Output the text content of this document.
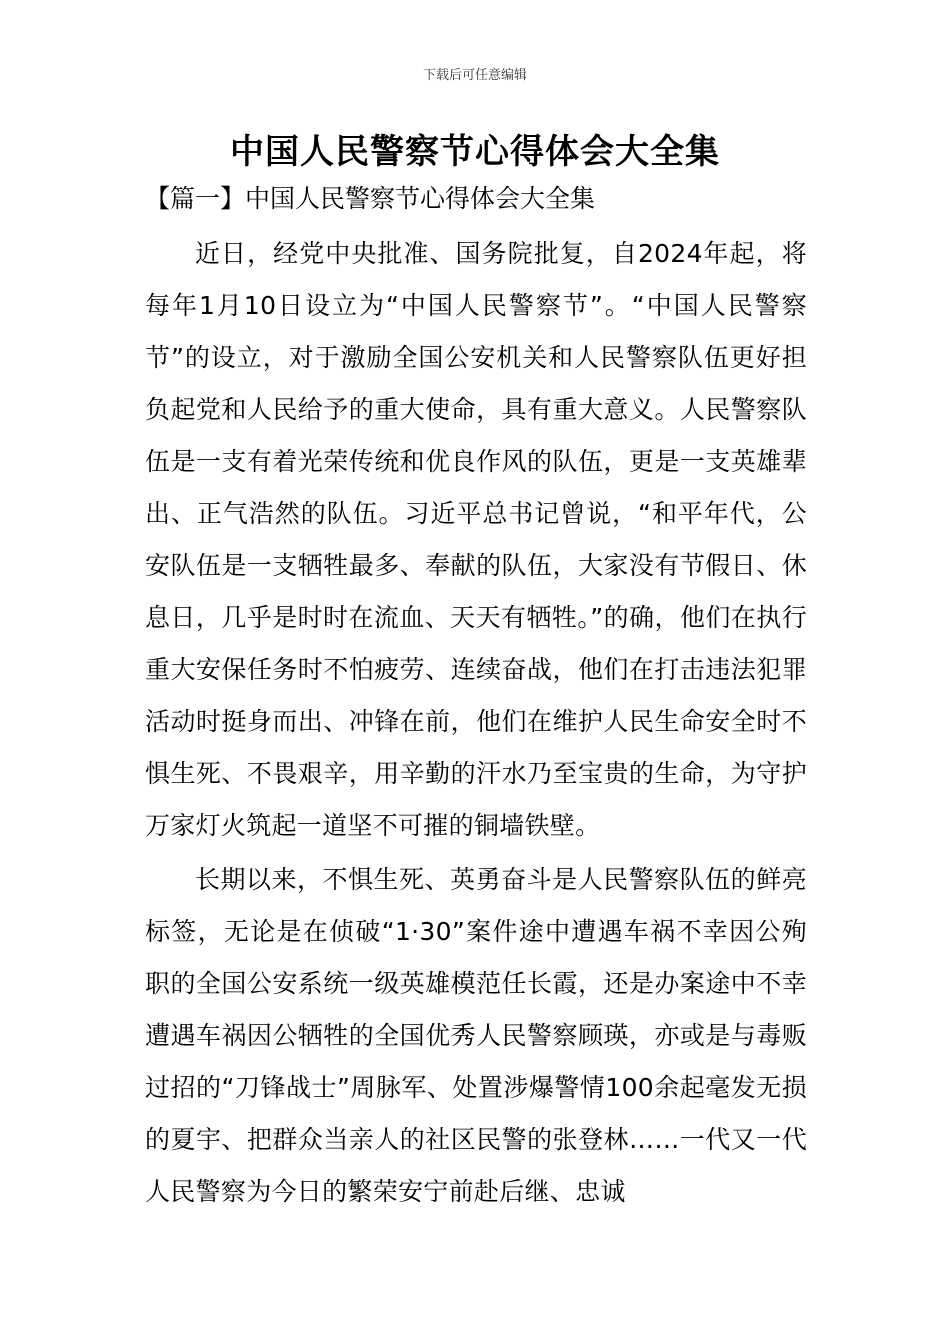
下载后可任意编辑
中国人民警察节心得体会大全集
【篇一】中国人民警察节心得体会大全集

近日，经党中央批准、国务院批复，自2024年起，将每年1月10日设立为“中国人民警察节”。“中国人民警察节”的设立，对于激励全国公安机关和人民警察队伍更好担负起党和人民给予的重大使命，具有重大意义。人民警察队伍是一支有着光荣传统和优良作风的队伍，更是一支英雄辈出、正气浩然的队伍。习近平总书记曾说，“和平年代，公安队伍是一支牺牲最多、奉献的队伍，大家没有节假日、休息日，几乎是时时在流血、天天有牺牲。”的确，他们在执行重大安保任务时不怕疲劳、连续奋战，他们在打击违法犯罪活动时挺身而出、冲锋在前，他们在维护人民生命安全时不惧生死、不畏艰辛，用辛勤的汗水乃至宝贵的生命，为守护万家灯火筑起一道坚不可摧的铜墙铁壁。

长期以来，不惧生死、英勇奋斗是人民警察队伍的鲜亮标签，无论是在侦破“1·30”案件途中遭遇车祸不幸因公殉职的全国公安系统一级英雄模范任长霞，还是办案途中不幸遭遇车祸因公牺牲的全国优秀人民警察顾瑛，亦或是与毒贩过招的“刀锋战士”周脉军、处置涉爆警情100余起毫发无损的夏宇、把群众当亲人的社区民警的张登林……一代又一代人民警察为今日的繁荣安宁前赴后继、忠诚
